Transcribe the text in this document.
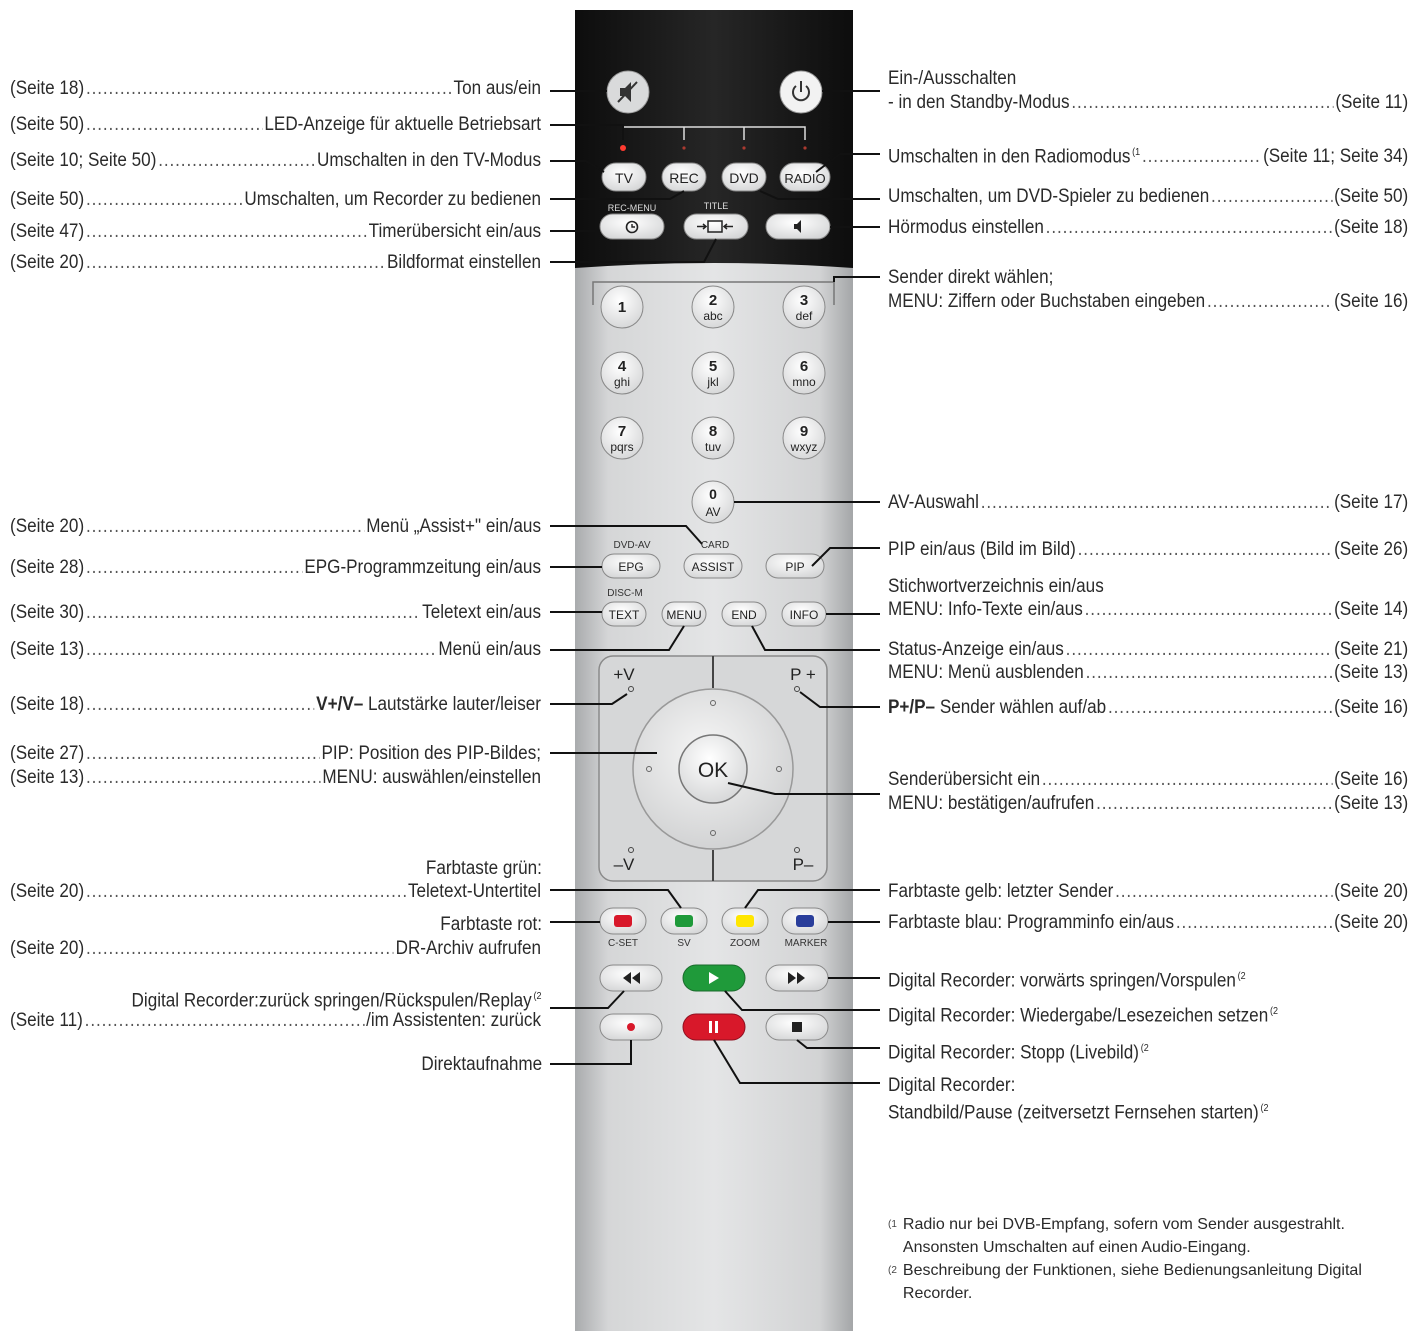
TV	REC DVD RADIO
REC-MENU	TITLE
1	2
abc
3
def
4
ghi
5
jkl
6
mno
7
pqrs
8
tuv
9
wxyz
0
AV
DVD-AV	CARD
EPG	ASSIST	PIP
DISC-M
TEXT MENU END	INFO
OK
+V	P +
–V	P–
C-SET	SV	ZOOM MARKER
(Seite 18) .....	Ton aus/ein
(Seite 50) .....	LED-Anzeige für aktuelle Betriebsart
(Seite 10; Seite 50) .....	Umschalten in den TV-Modus
(Seite 50) .....	Umschalten, um Recorder zu bedienen
(Seite 47) .....	Timerübersicht ein/aus
(Seite 20) .....	Bildformat einstellen
(Seite 20) .....	Menü „Assist+" ein/aus
(Seite 28) .....	EPG-Programmzeitung ein/aus
(Seite 30) .....	Teletext ein/aus
(Seite 13) .....	Menü ein/aus
(Seite 18) .....	V+/V– Lautstärke lauter/leiser
(Seite 27) .....	PIP: Position des PIP-Bildes;
(Seite 13) .....	MENU: auswählen/einstellen
Farbtaste grün:
(Seite 20) .....	Teletext-Untertitel
Farbtaste rot:
(Seite 20) .....	DR-Archiv aufrufen
Digital Recorder:zurück springen/Rückspulen/Replay $^{(2}$
(Seite 11) .....	/im Assistenten: zurück
Direktaufnahme
Ein-/Ausschalten
- in den Standby-Modus .....	(Seite 11)
Umschalten in den Radiomodus $^{(1}$ .....	(Seite 11; Seite 34)
Umschalten, um DVD-Spieler zu bedienen .....	(Seite 50)
Hörmodus einstellen .....	(Seite 18)
Sender direkt wählen;
MENU: Ziffern oder Buchstaben eingeben .....	(Seite 16)
AV-Auswahl .....	(Seite 17)
PIP ein/aus (Bild im Bild) .....	(Seite 26)
Stichwortverzeichnis ein/aus
MENU: Info-Texte ein/aus .....	(Seite 14)
Status-Anzeige ein/aus .....	(Seite 21)
MENU: Menü ausblenden .....	(Seite 13)
P+/P– Sender wählen auf/ab .....	(Seite 16)
Senderübersicht ein .....	(Seite 16)
MENU: bestätigen/aufrufen .....	(Seite 13)
Farbtaste gelb: letzter Sender .....	(Seite 20)
Farbtaste blau: Programminfo ein/aus .....	(Seite 20)
Digital Recorder: vorwärts springen/Vorspulen $^{(2}$
Digital Recorder: Wiedergabe/Lesezeichen setzen $^{(2}$
Digital Recorder: Stopp (Livebild) $^{(2}$
Digital Recorder:
Standbild/Pause (zeitversetzt Fernsehen starten) $^{(2}$
(1 Radio nur bei DVB-Empfang, sofern vom Sender ausgestrahlt. Ansonsten Umschalten auf einen Audio-Eingang.
(2 Beschreibung der Funktionen, siehe Bedienungsanleitung Digital Recorder.
